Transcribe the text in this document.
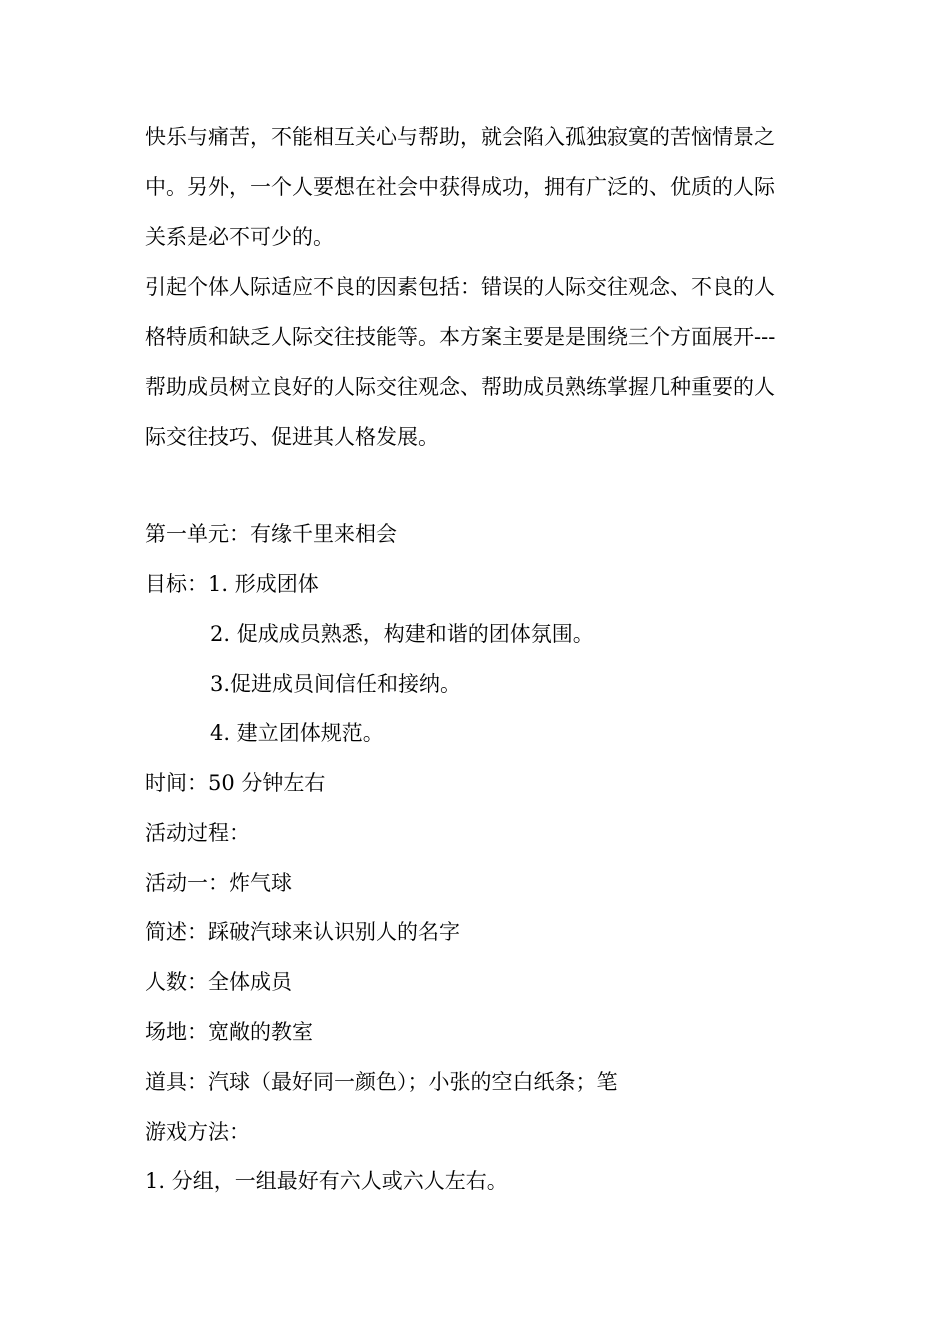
快乐与痛苦，不能相互关心与帮助，就会陷入孤独寂寞的苦恼情景之
中。另外，一个人要想在社会中获得成功，拥有广泛的、优质的人际
关系是必不可少的。
引起个体人际适应不良的因素包括：错误的人际交往观念、不良的人
格特质和缺乏人际交往技能等。本方案主要是是围绕三个方面展开---
帮助成员树立良好的人际交往观念、帮助成员熟练掌握几种重要的人
际交往技巧、促进其人格发展。
第一单元：有缘千里来相会
目标：1. 形成团体
2. 促成成员熟悉，构建和谐的团体氛围。
3.促进成员间信任和接纳。
4. 建立团体规范。
时间：50 分钟左右
活动过程：
活动一：炸气球
简述：踩破汽球来认识别人的名字
人数：全体成员
场地：宽敞的教室
道具：汽球（最好同一颜色）；小张的空白纸条；笔
游戏方法：
1. 分组，一组最好有六人或六人左右。
